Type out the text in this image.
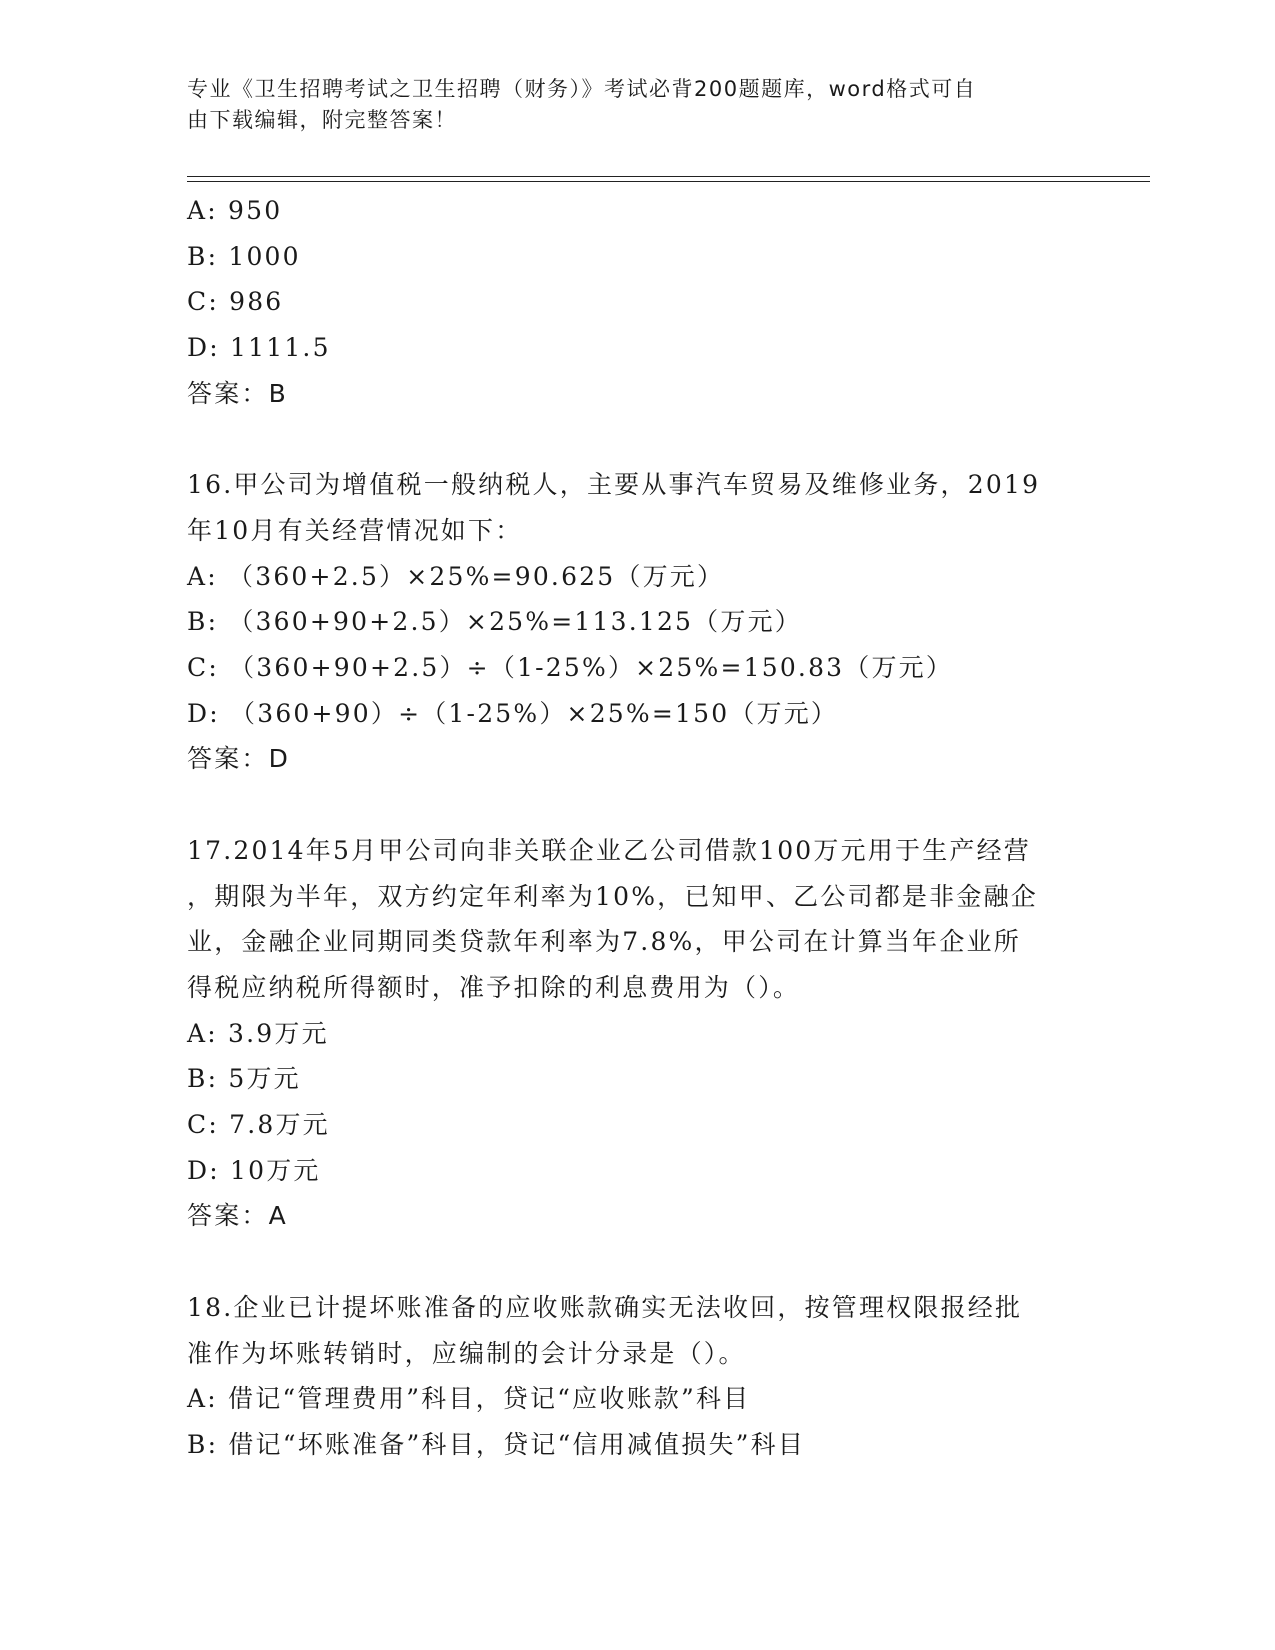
专业《卫生招聘考试之卫生招聘（财务）》考试必背200题题库，word格式可自
由下载编辑，附完整答案！
A: 950
B: 1000
C: 986
D: 1111.5
答案：B
16.甲公司为增值税一般纳税人，主要从事汽车贸易及维修业务，2019
年10月有关经营情况如下：
A: （360+2.5）×25%=90.625（万元）
B: （360+90+2.5）×25%=113.125（万元）
C: （360+90+2.5）÷（1-25%）×25%=150.83（万元）
D: （360+90）÷（1-25%）×25%=150（万元）
答案：D
17.2014年5月甲公司向非关联企业乙公司借款100万元用于生产经营
，期限为半年，双方约定年利率为10%，已知甲、乙公司都是非金融企
业，金融企业同期同类贷款年利率为7.8%，甲公司在计算当年企业所
得税应纳税所得额时，准予扣除的利息费用为（）。
A: 3.9万元
B: 5万元
C: 7.8万元
D: 10万元
答案：A
18.企业已计提坏账准备的应收账款确实无法收回，按管理权限报经批
准作为坏账转销时，应编制的会计分录是（）。
A: 借记“管理费用”科目，贷记“应收账款”科目
B: 借记“坏账准备”科目，贷记“信用减值损失”科目
